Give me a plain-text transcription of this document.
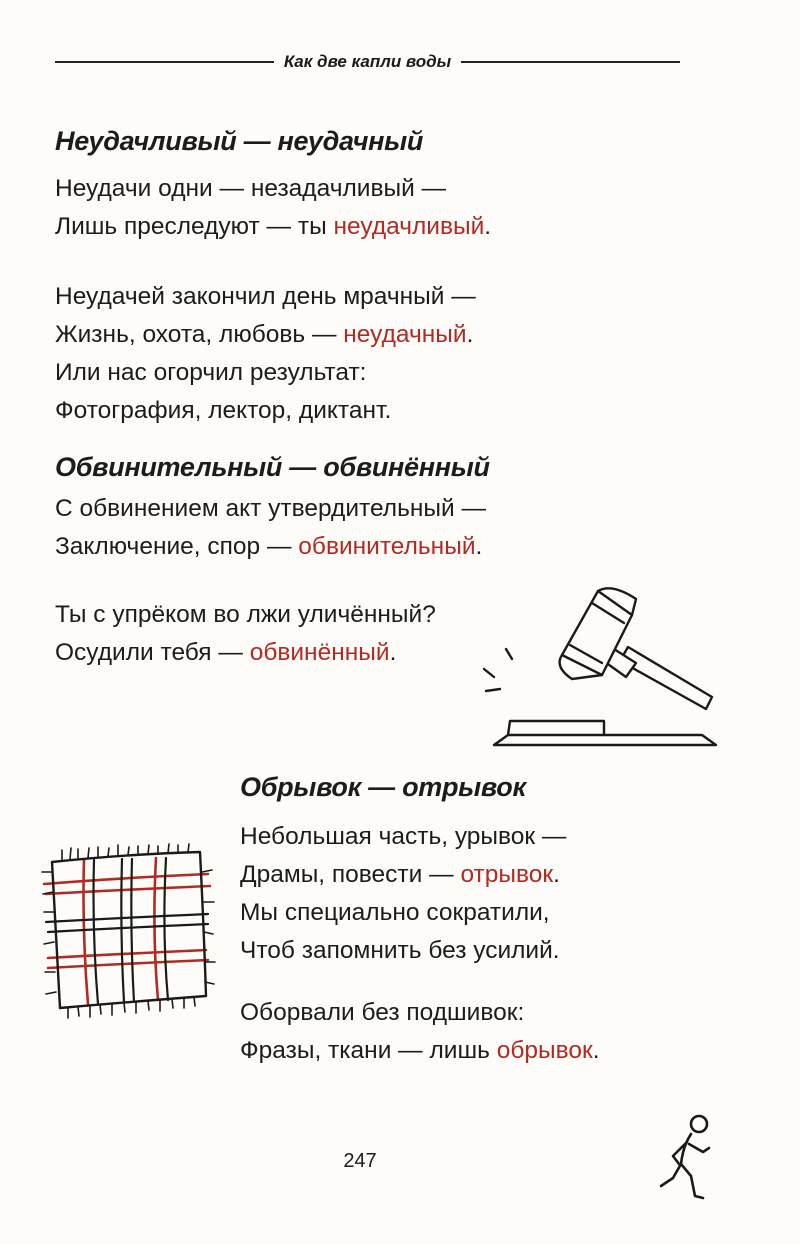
Как две капли воды
Неудачливый — неудачный
Неудачи одни — незадачливый —
Лишь преследуют — ты неудачливый.
Неудачей закончил день мрачный —
Жизнь, охота, любовь — неудачный.
Или нас огорчил результат:
Фотография, лектор, диктант.
Обвинительный — обвинённый
С обвинением акт утвердительный —
Заключение, спор — обвинительный.
Ты с упрёком во лжи уличённый?
Осудили тебя — обвинённый.
Обрывок — отрывок
Небольшая часть, урывок —
Драмы, повести — отрывок.
Мы специально сократили,
Чтоб запомнить без усилий.
Оборвали без подшивок:
Фразы, ткани — лишь обрывок.
247
